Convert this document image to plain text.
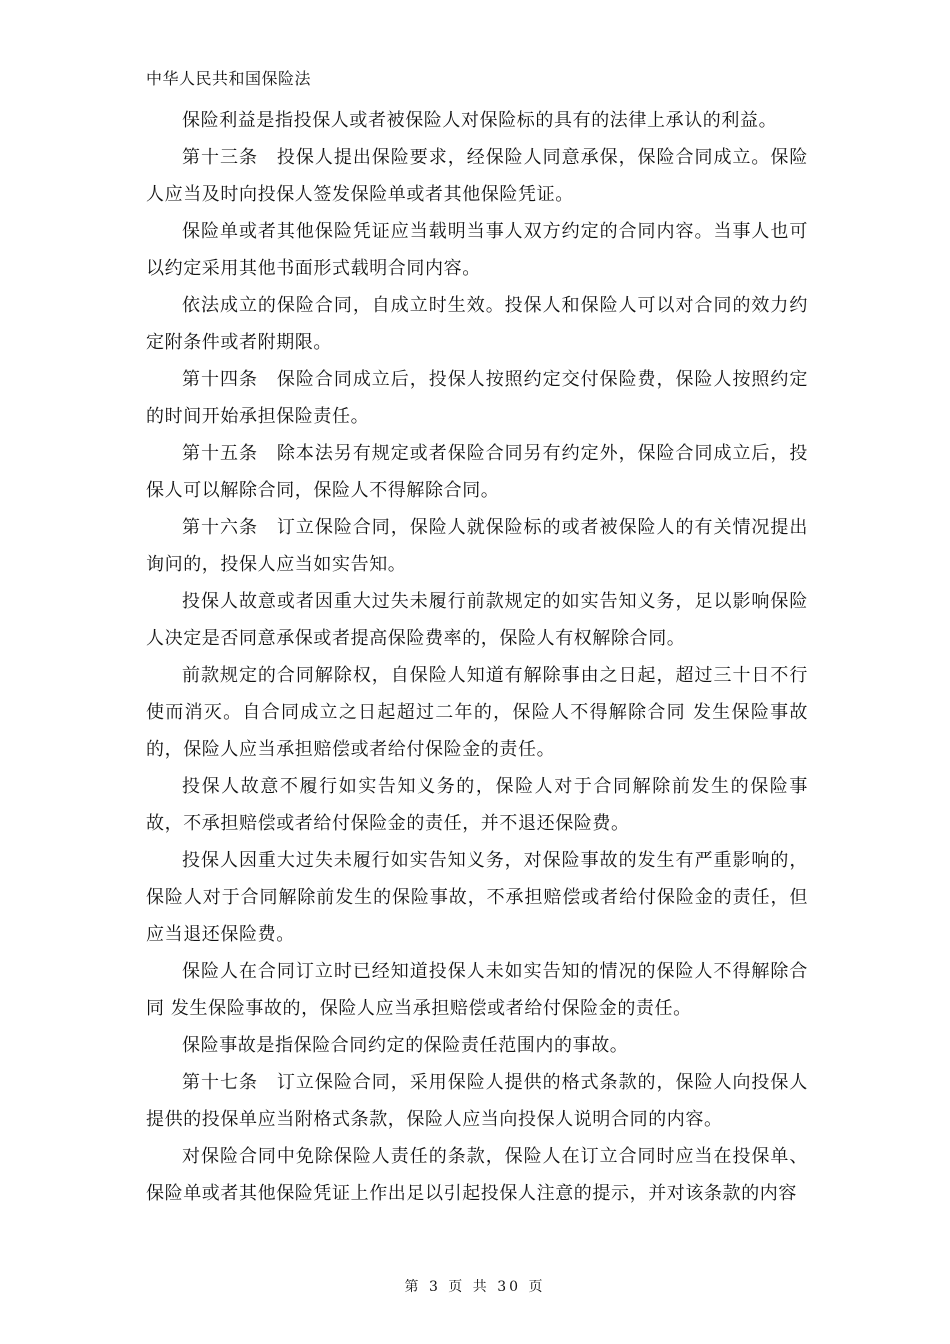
中华人民共和国保险法

保险利益是指投保人或者被保险人对保险标的具有的法律上承认的利益。

第十三条　投保人提出保险要求，经保险人同意承保，保险合同成立。保险人应当及时向投保人签发保险单或者其他保险凭证。

保险单或者其他保险凭证应当载明当事人双方约定的合同内容。当事人也可以约定采用其他书面形式载明合同内容。

依法成立的保险合同，自成立时生效。投保人和保险人可以对合同的效力约定附条件或者附期限。

第十四条　保险合同成立后，投保人按照约定交付保险费，保险人按照约定的时间开始承担保险责任。

第十五条　除本法另有规定或者保险合同另有约定外，保险合同成立后，投保人可以解除合同，保险人不得解除合同。

第十六条　订立保险合同，保险人就保险标的或者被保险人的有关情况提出询问的，投保人应当如实告知。

投保人故意或者因重大过失未履行前款规定的如实告知义务，足以影响保险人决定是否同意承保或者提高保险费率的，保险人有权解除合同。

前款规定的合同解除权，自保险人知道有解除事由之日起，超过三十日不行使而消灭。自合同成立之日起超过二年的，保险人不得解除合同 发生保险事故的，保险人应当承担赔偿或者给付保险金的责任。

投保人故意不履行如实告知义务的，保险人对于合同解除前发生的保险事故，不承担赔偿或者给付保险金的责任，并不退还保险费。

投保人因重大过失未履行如实告知义务，对保险事故的发生有严重影响的，保险人对于合同解除前发生的保险事故，不承担赔偿或者给付保险金的责任，但应当退还保险费。

保险人在合同订立时已经知道投保人未如实告知的情况的保险人不得解除合同 发生保险事故的，保险人应当承担赔偿或者给付保险金的责任。

保险事故是指保险合同约定的保险责任范围内的事故。

第十七条　订立保险合同，采用保险人提供的格式条款的，保险人向投保人提供的投保单应当附格式条款，保险人应当向投保人说明合同的内容。

对保险合同中免除保险人责任的条款，保险人在订立合同时应当在投保单、保险单或者其他保险凭证上作出足以引起投保人注意的提示，并对该条款的内容

第 3 页 共 30 页
